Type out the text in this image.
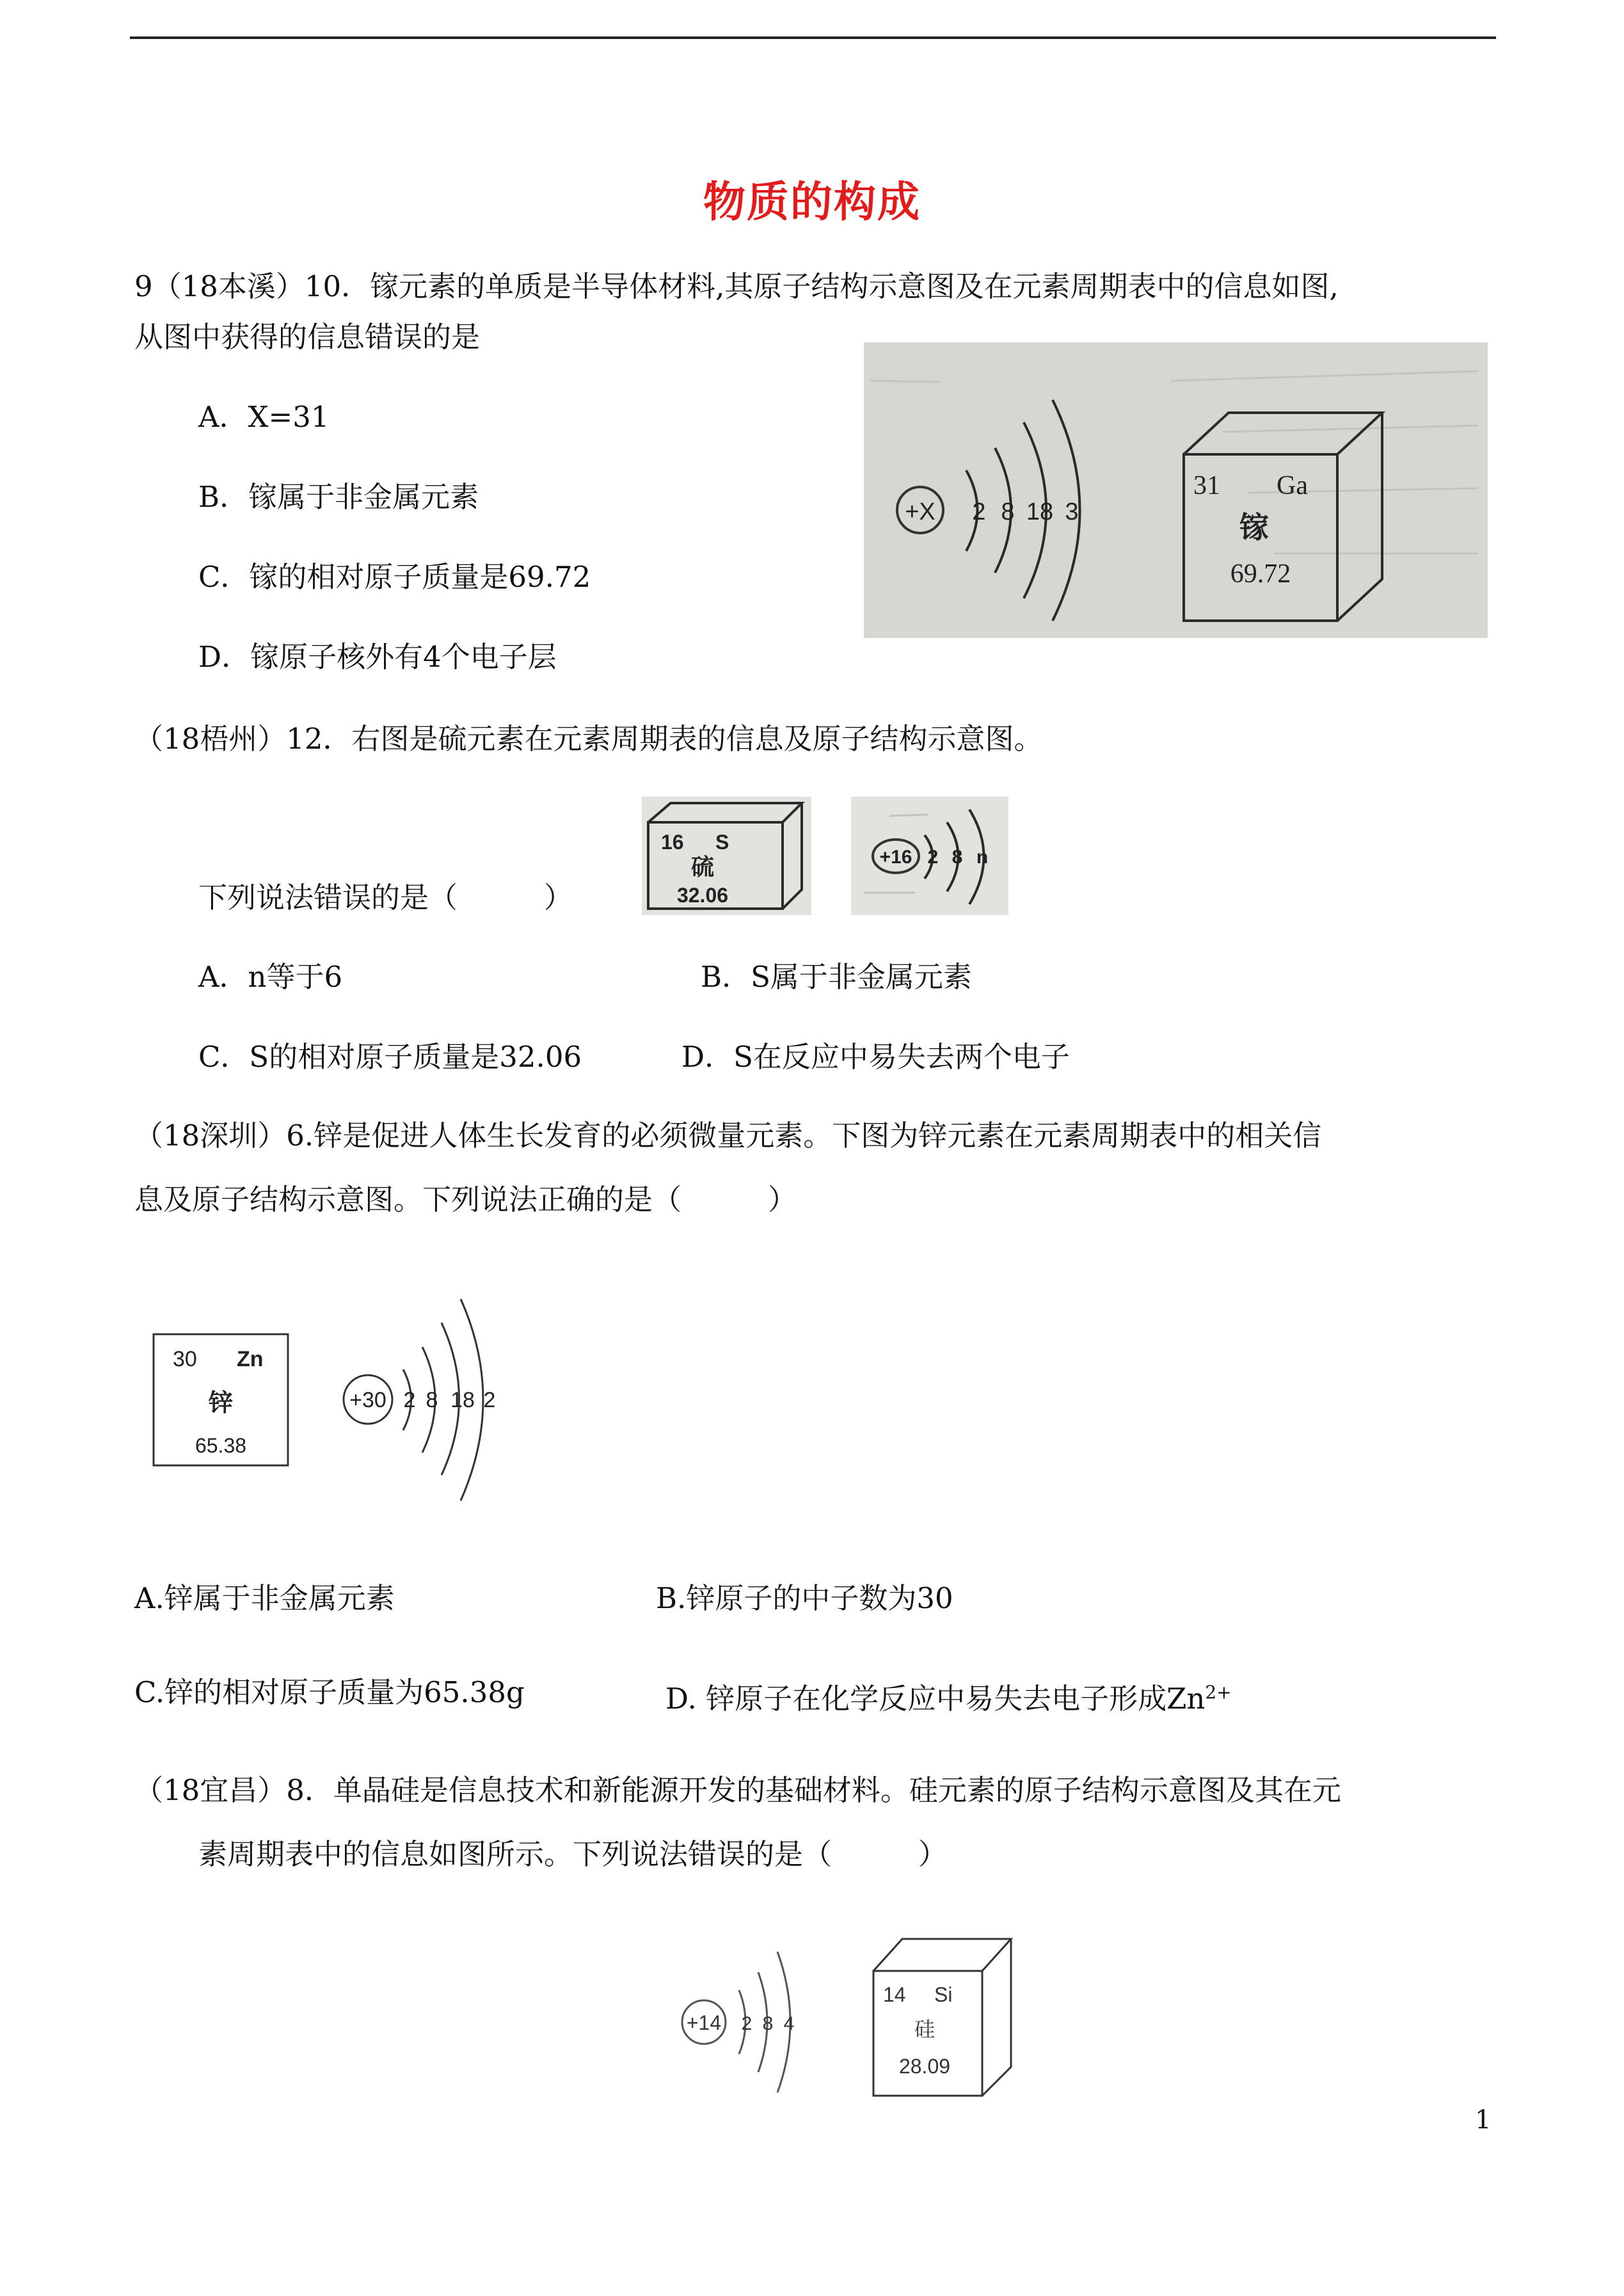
物质的构成
9（18本溪）10．镓元素的单质是半导体材料,其原子结构示意图及在元素周期表中的信息如图,
从图中获得的信息错误的是
A．X=31
B．镓属于非金属元素
C．镓的相对原子质量是69.72
D．镓原子核外有4个电子层
+X 2 8 18 3
31 Ga
镓
69.72
（18梧州）12．右图是硫元素在元素周期表的信息及原子结构示意图。
16 S
硫
32.06
+16 2 8 n
下列说法错误的是（　　　）
A．n等于6	B．S属于非金属元素
C．S的相对原子质量是32.06	D．S在反应中易失去两个电子
（18深圳）6.锌是促进人体生长发育的必须微量元素。下图为锌元素在元素周期表中的相关信
息及原子结构示意图。下列说法正确的是（　　　）
30 Zn
锌
65.38
+30 2 8 18 2
A.锌属于非金属元素	B.锌原子的中子数为30
C.锌的相对原子质量为65.38g	D. 锌原子在化学反应中易失去电子形成$Zn^{2+}$
（18宜昌）8．单晶硅是信息技术和新能源开发的基础材料。硅元素的原子结构示意图及其在元
素周期表中的信息如图所示。下列说法错误的是（　　　）
+14 2 8 4
14 Si
硅
28.09
1
